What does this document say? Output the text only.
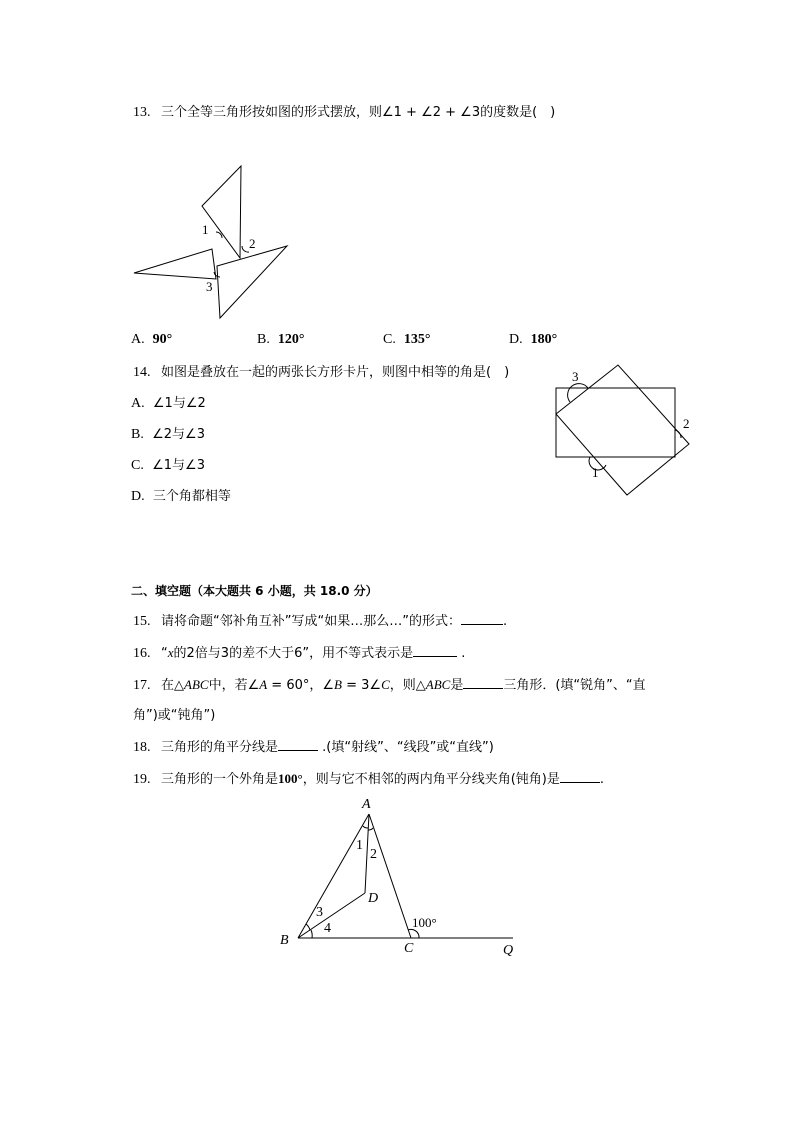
13. 三个全等三角形按如图的形式摆放，则∠1 + ∠2 + ∠3的度数是(　)
1
2
3
A. 90°	B. 120°	C. 135°	D. 180°
14. 如图是叠放在一起的两张长方形卡片，则图中相等的角是(　)
A. ∠1与∠2
B. ∠2与∠3
C. ∠1与∠3
D. 三个角都相等
3
2
1
二、填空题（本大题共 6 小题，共 18.0 分）
15. 请将命题“邻补角互补”写成“如果…那么…”的形式：	.
16. “x的2倍与3的差不大于6”，用不等式表示是	.
17. 在△ABC中，若∠A = 60°，∠B = 3∠C，则△ABC是	三角形．(填“锐角”、“直
角”)或“钝角”)
18. 三角形的角平分线是	.(填“射线”、“线段”或“直线”)
19. 三角形的一个外角是100°，则与它不相邻的两内角平分线夹角(钝角)是	.
A
B
C
D
Q
1
2
3
4	100°
